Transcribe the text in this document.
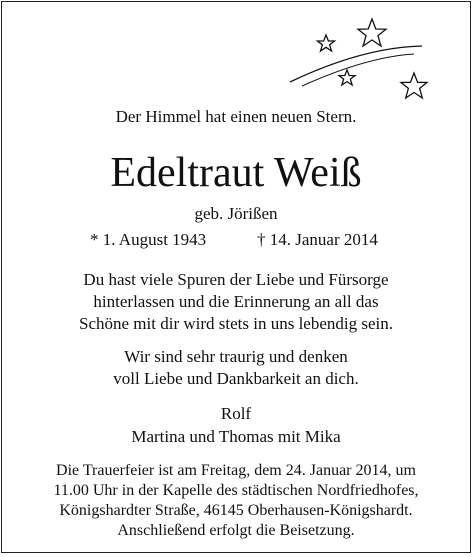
Der Himmel hat einen neuen Stern.
Edeltraut Weiß
geb. Jörißen
* 1. August 1943	† 14. Januar 2014
Du hast viele Spuren der Liebe und Fürsorge
hinterlassen und die Erinnerung an all das
Schöne mit dir wird stets in uns lebendig sein.
Wir sind sehr traurig und denken
voll Liebe und Dankbarkeit an dich.
Rolf
Martina und Thomas mit Mika
Die Trauerfeier ist am Freitag, dem 24. Januar 2014, um
11.00 Uhr in der Kapelle des städtischen Nordfriedhofes,
Königshardter Straße, 46145 Oberhausen-Königshardt.
Anschließend erfolgt die Beisetzung.
